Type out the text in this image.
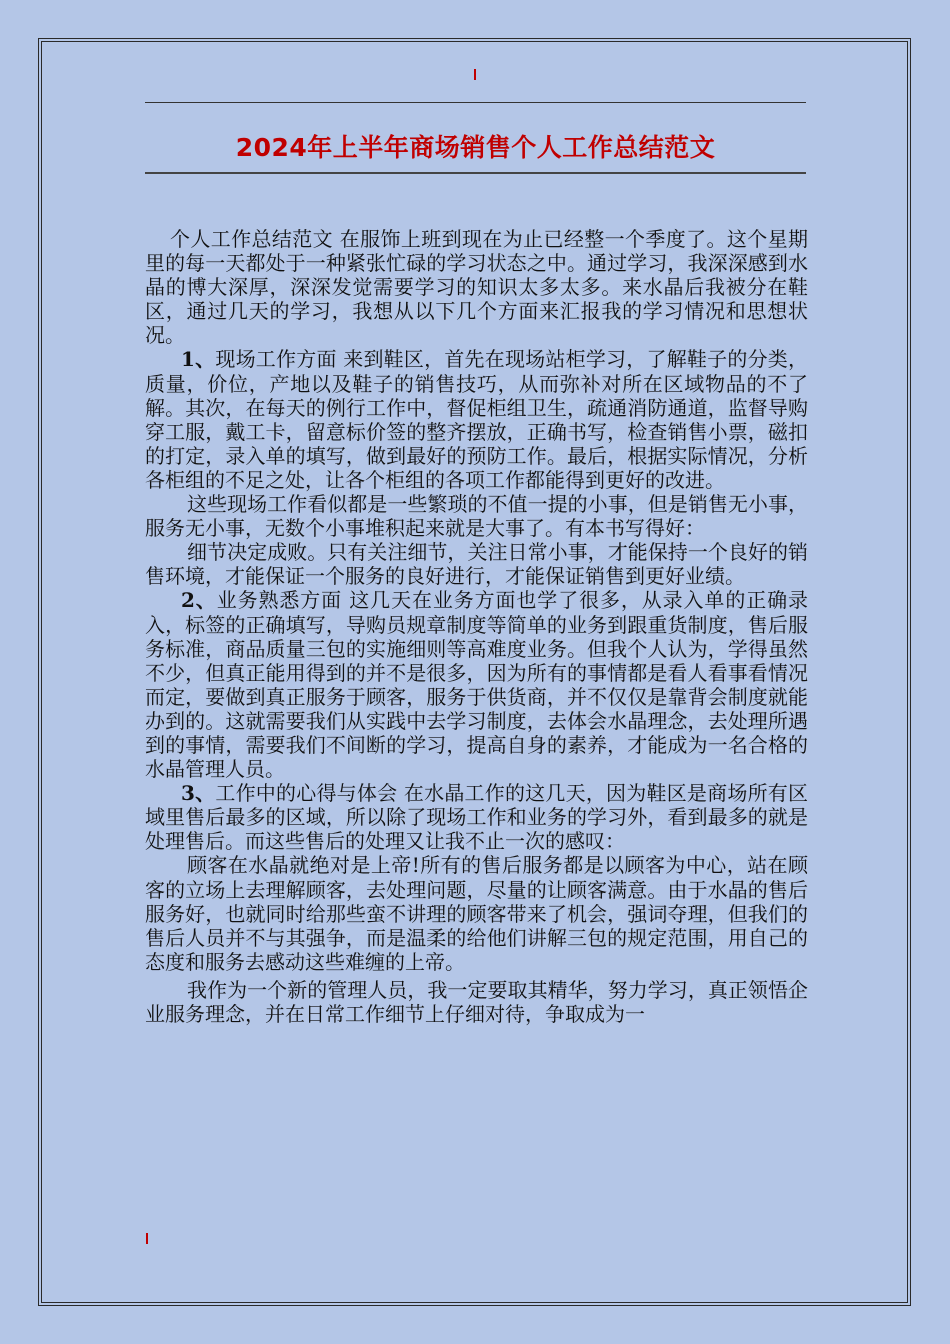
2024年上半年商场销售个人工作总结范文

个人工作总结范文 在服饰上班到现在为止已经整一个季度了。这个星期里的每一天都处于一种紧张忙碌的学习状态之中。通过学习，我深深感到水晶的博大深厚，深深发觉需要学习的知识太多太多。来水晶后我被分在鞋区，通过几天的学习，我想从以下几个方面来汇报我的学习情况和思想状况。

1、现场工作方面 来到鞋区，首先在现场站柜学习，了解鞋子的分类，质量，价位，产地以及鞋子的销售技巧，从而弥补对所在区域物品的不了解。其次，在每天的例行工作中，督促柜组卫生，疏通消防通道，监督导购穿工服，戴工卡，留意标价签的整齐摆放，正确书写，检查销售小票，磁扣的打定，录入单的填写，做到最好的预防工作。最后，根据实际情况，分析各柜组的不足之处，让各个柜组的各项工作都能得到更好的改进。

这些现场工作看似都是一些繁琐的不值一提的小事，但是销售无小事，服务无小事，无数个小事堆积起来就是大事了。有本书写得好：

细节决定成败。只有关注细节，关注日常小事，才能保持一个良好的销售环境，才能保证一个服务的良好进行，才能保证销售到更好业绩。

2、业务熟悉方面 这几天在业务方面也学了很多，从录入单的正确录入，标签的正确填写，导购员规章制度等简单的业务到跟重货制度，售后服务标准，商品质量三包的实施细则等高难度业务。但我个人认为，学得虽然不少，但真正能用得到的并不是很多，因为所有的事情都是看人看事看情况而定，要做到真正服务于顾客，服务于供货商，并不仅仅是靠背会制度就能办到的。这就需要我们从实践中去学习制度，去体会水晶理念，去处理所遇到的事情，需要我们不间断的学习，提高自身的素养，才能成为一名合格的水晶管理人员。

3、工作中的心得与体会 在水晶工作的这几天，因为鞋区是商场所有区域里售后最多的区域，所以除了现场工作和业务的学习外，看到最多的就是处理售后。而这些售后的处理又让我不止一次的感叹：

顾客在水晶就绝对是上帝!所有的售后服务都是以顾客为中心，站在顾客的立场上去理解顾客，去处理问题，尽量的让顾客满意。由于水晶的售后服务好，也就同时给那些蛮不讲理的顾客带来了机会，强词夺理，但我们的售后人员并不与其强争，而是温柔的给他们讲解三包的规定范围，用自己的态度和服务去感动这些难缠的上帝。

我作为一个新的管理人员，我一定要取其精华，努力学习，真正领悟企业服务理念，并在日常工作细节上仔细对待，争取成为一
